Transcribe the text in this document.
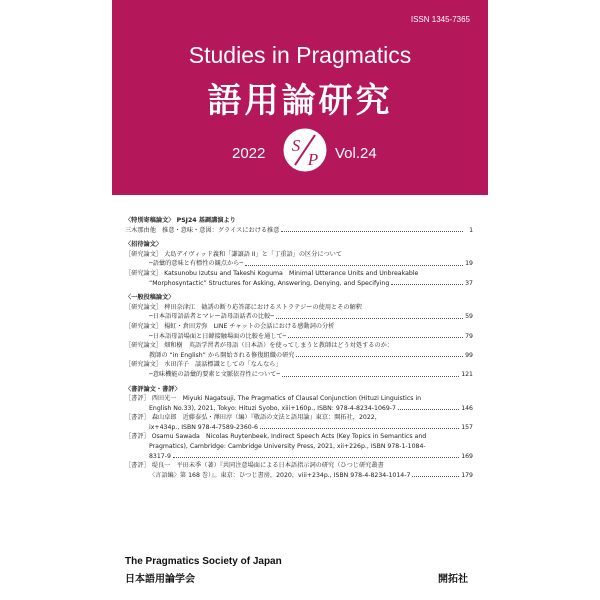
ISSN 1345-7365
Studies in Pragmatics
語用論研究
2022 S
P Vol.24
〈特別寄稿論文〉 PSJ24 基調講演より
三木那由他　推意・意味・意図：グライスにおける推意	1
〈招待論文〉
［研究論文］ 大島デイヴィッド義和「謙譲語 II」と「丁重語」の区分について
─語彙的意味と有標性の観点から─	19
［研究論文］ Katsunobu Izutsu and Takeshi Koguma　Minimal Utterance Units and Unbreakable
“Morphosyntactic” Structures for Asking, Answering, Denying, and Specifying	37
〈一般投稿論文〉
［研究論文］ 稗田奈津江　勧誘の断り応答部におけるストラテジーの使用とその解釈
─日本語母語話者とマレー語母語話者の比較─	59
［研究論文］ 楊虹・倉田芳弥　LINE チャットの会話における感動詞の分析
─日本語母語場面と日韓接触場面の比較を通して─	79
［研究論文］ 畑和樹　英語学習者が母語（日本語）を使ってしまうと教師はどう対処するのか：
教師の “in English” から開始される修復組織の研究	99
［研究論文］ 水田洋子　談話標識としての「なんなら」
─意味機能の語彙的要素と文脈依存性について─	121
〈書評論文・書評〉
［書評］ 西田光一　Miyuki Nagatsuji, The Pragmatics of Clausal Conjunction (Hituzi Linguistics in
English No.33), 2021, Tokyo: Hituzi Syobo, xiii+160p., ISBN: 978-4-8234-1069-7	146
［書評］ 森山卓郎　近藤泰弘・澤田淳（編）『敬語の文法と語用論』東京：開拓社，2022，
ix+434p., ISBN 978-4-7589-2360-6	157
［書評］ Osamu Sawada　Nicolas Ruytenbeek, Indirect Speech Acts (Key Topics in Semantics and
Pragmatics), Cambridge: Cambridge University Press, 2021, xii+226p., ISBN 978-1-1084-
8317-9	169
［書評］ 堤良一　平田未季（著）『共同注意場面による日本語指示詞の研究（ひつじ研究叢書
〈言語編〉第 168 巻）』。東京：ひつじ書房，2020，viii+234p., ISBN 978-4-8234-1014-7	179
The Pragmatics Society of Japan
日本語用論学会	開拓社
